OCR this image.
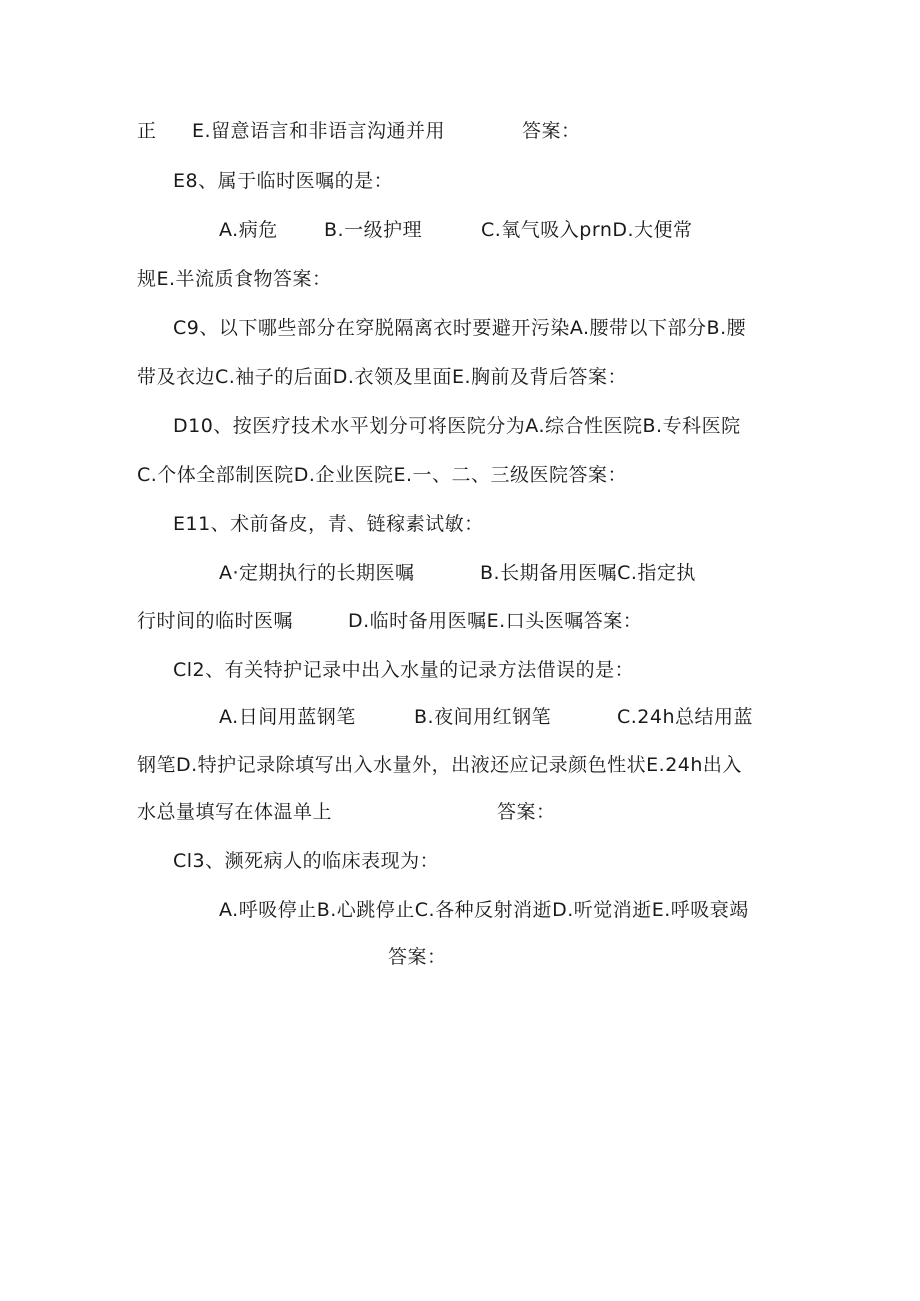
正 E.留意语言和非语言沟通并用	答案：
E8、属于临时医嘱的是：
A.病危 B.一级护理	C.氧气吸入prnD.大便常
规E.半流质食物答案：
C9、以下哪些部分在穿脱隔离衣时要避开污染A.腰带以下部分B.腰
带及衣边C.袖子的后面D.衣领及里面E.胸前及背后答案：
D10、按医疗技术水平划分可将医院分为A.综合性医院B.专科医院
C.个体全部制医院D.企业医院E.一、二、三级医院答案：
E11、术前备皮，青、链稼素试敏：
A·定期执行的长期医嘱	B.长期备用医嘱C.指定执
行时间的临时医嘱	D.临时备用医嘱E.口头医嘱答案：
Cl2、有关特护记录中出入水量的记录方法借误的是：
A.日间用蓝钢笔	B.夜间用红钢笔	C.24h总结用蓝
钢笔D.特护记录除填写出入水量外，出液还应记录颜色性状E.24h出入
水总量填写在体温单上	答案：
Cl3、濒死病人的临床表现为：
A.呼吸停止B.心跳停止C.各种反射消逝D.听觉消逝E.呼吸衰竭
答案：
